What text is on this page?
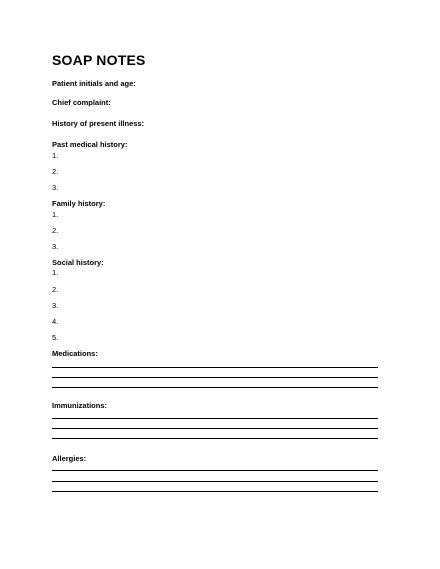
SOAP NOTES
Patient initials and age:
Chief complaint:
History of present illness:
Past medical history:
1.
2.
3.
Family history:
1.
2.
3.
Social history:
1.
2.
3.
4.
5.
Medications:
Immunizations:
Allergies:
